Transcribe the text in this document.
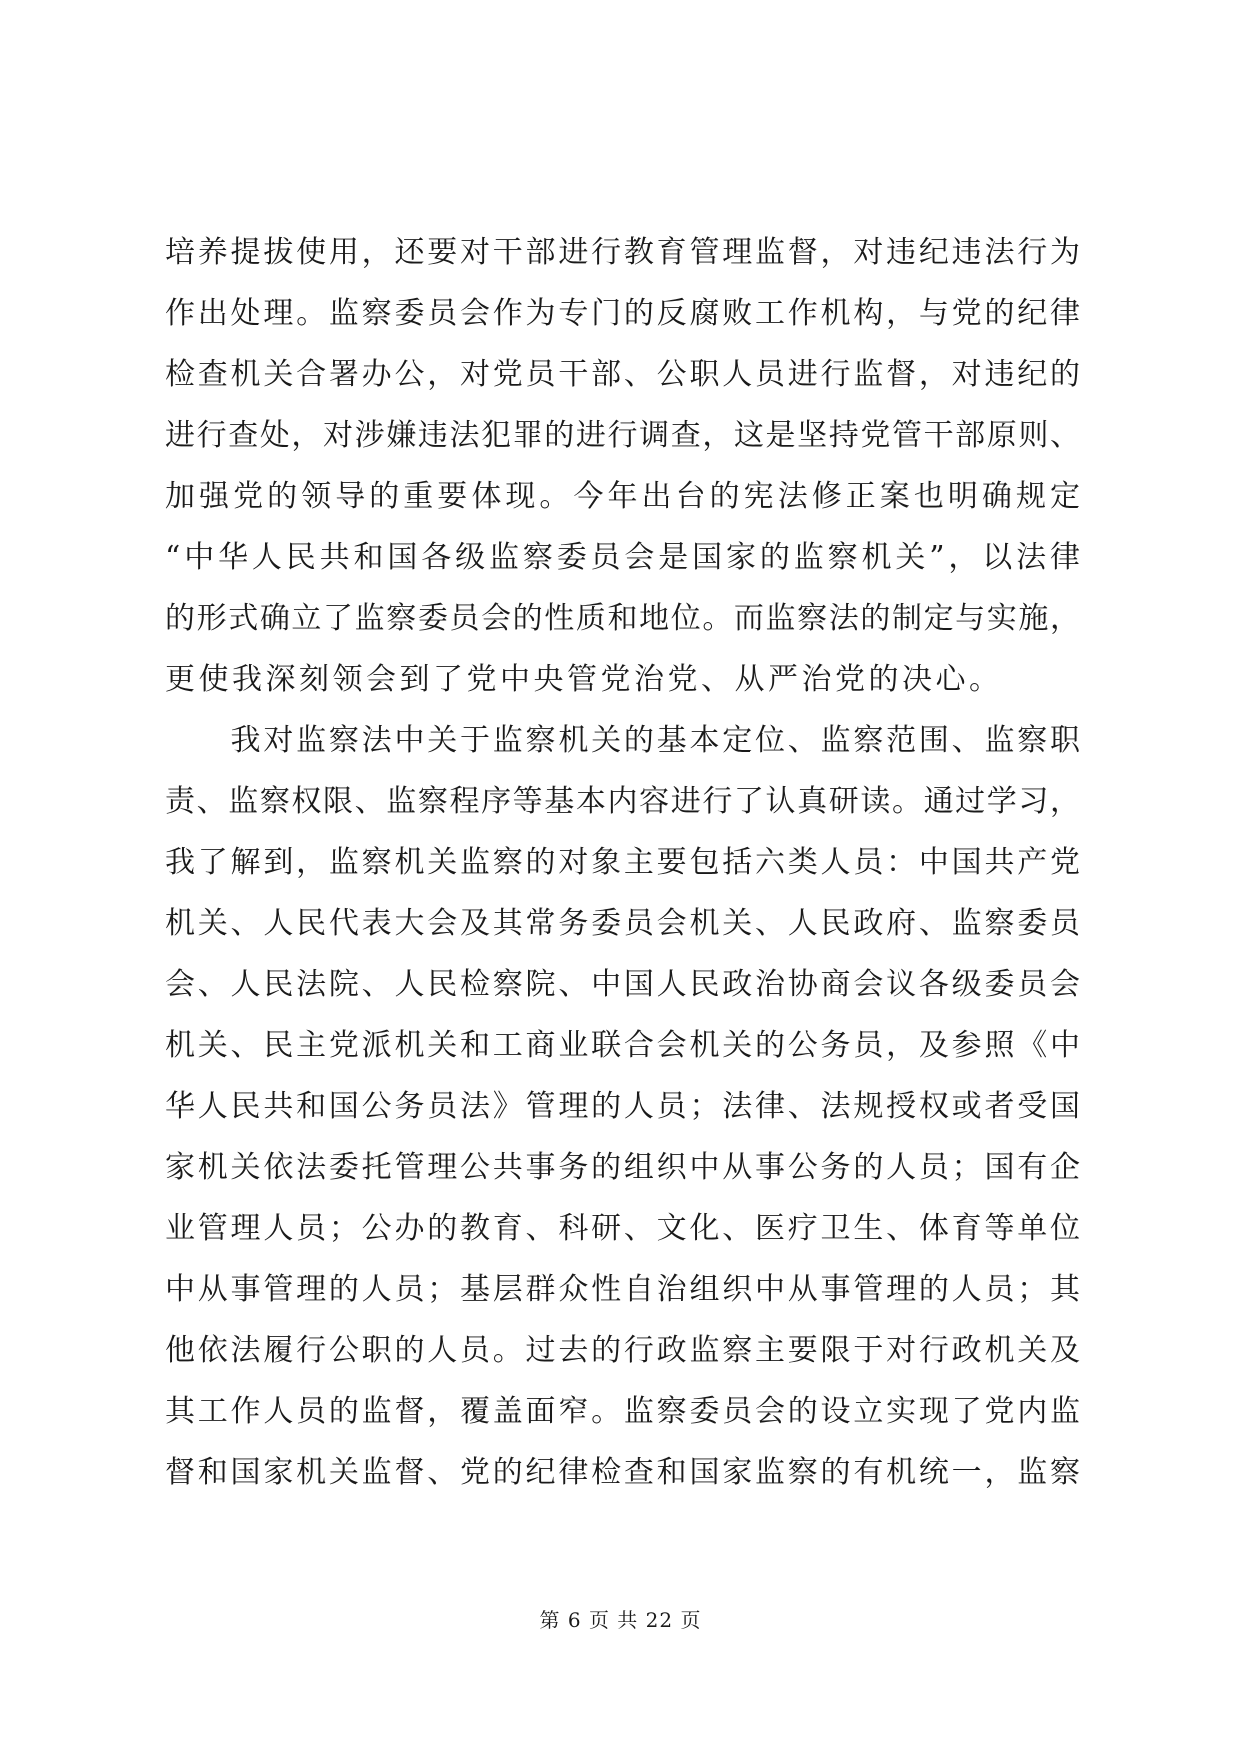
培养提拔使用，还要对干部进行教育管理监督，对违纪违法行为
作出处理。监察委员会作为专门的反腐败工作机构，与党的纪律
检查机关合署办公，对党员干部、公职人员进行监督，对违纪的
进行查处，对涉嫌违法犯罪的进行调查，这是坚持党管干部原则、
加强党的领导的重要体现。今年出台的宪法修正案也明确规定
“中华人民共和国各级监察委员会是国家的监察机关”，以法律
的形式确立了监察委员会的性质和地位。而监察法的制定与实施，
更使我深刻领会到了党中央管党治党、从严治党的决心。
　　我对监察法中关于监察机关的基本定位、监察范围、监察职
责、监察权限、监察程序等基本内容进行了认真研读。通过学习，
我了解到，监察机关监察的对象主要包括六类人员：中国共产党
机关、人民代表大会及其常务委员会机关、人民政府、监察委员
会、人民法院、人民检察院、中国人民政治协商会议各级委员会
机关、民主党派机关和工商业联合会机关的公务员，及参照《中
华人民共和国公务员法》管理的人员；法律、法规授权或者受国
家机关依法委托管理公共事务的组织中从事公务的人员；国有企
业管理人员；公办的教育、科研、文化、医疗卫生、体育等单位
中从事管理的人员；基层群众性自治组织中从事管理的人员；其
他依法履行公职的人员。过去的行政监察主要限于对行政机关及
其工作人员的监督，覆盖面窄。监察委员会的设立实现了党内监
督和国家机关监督、党的纪律检查和国家监察的有机统一，监察
第 6 页 共 22 页
